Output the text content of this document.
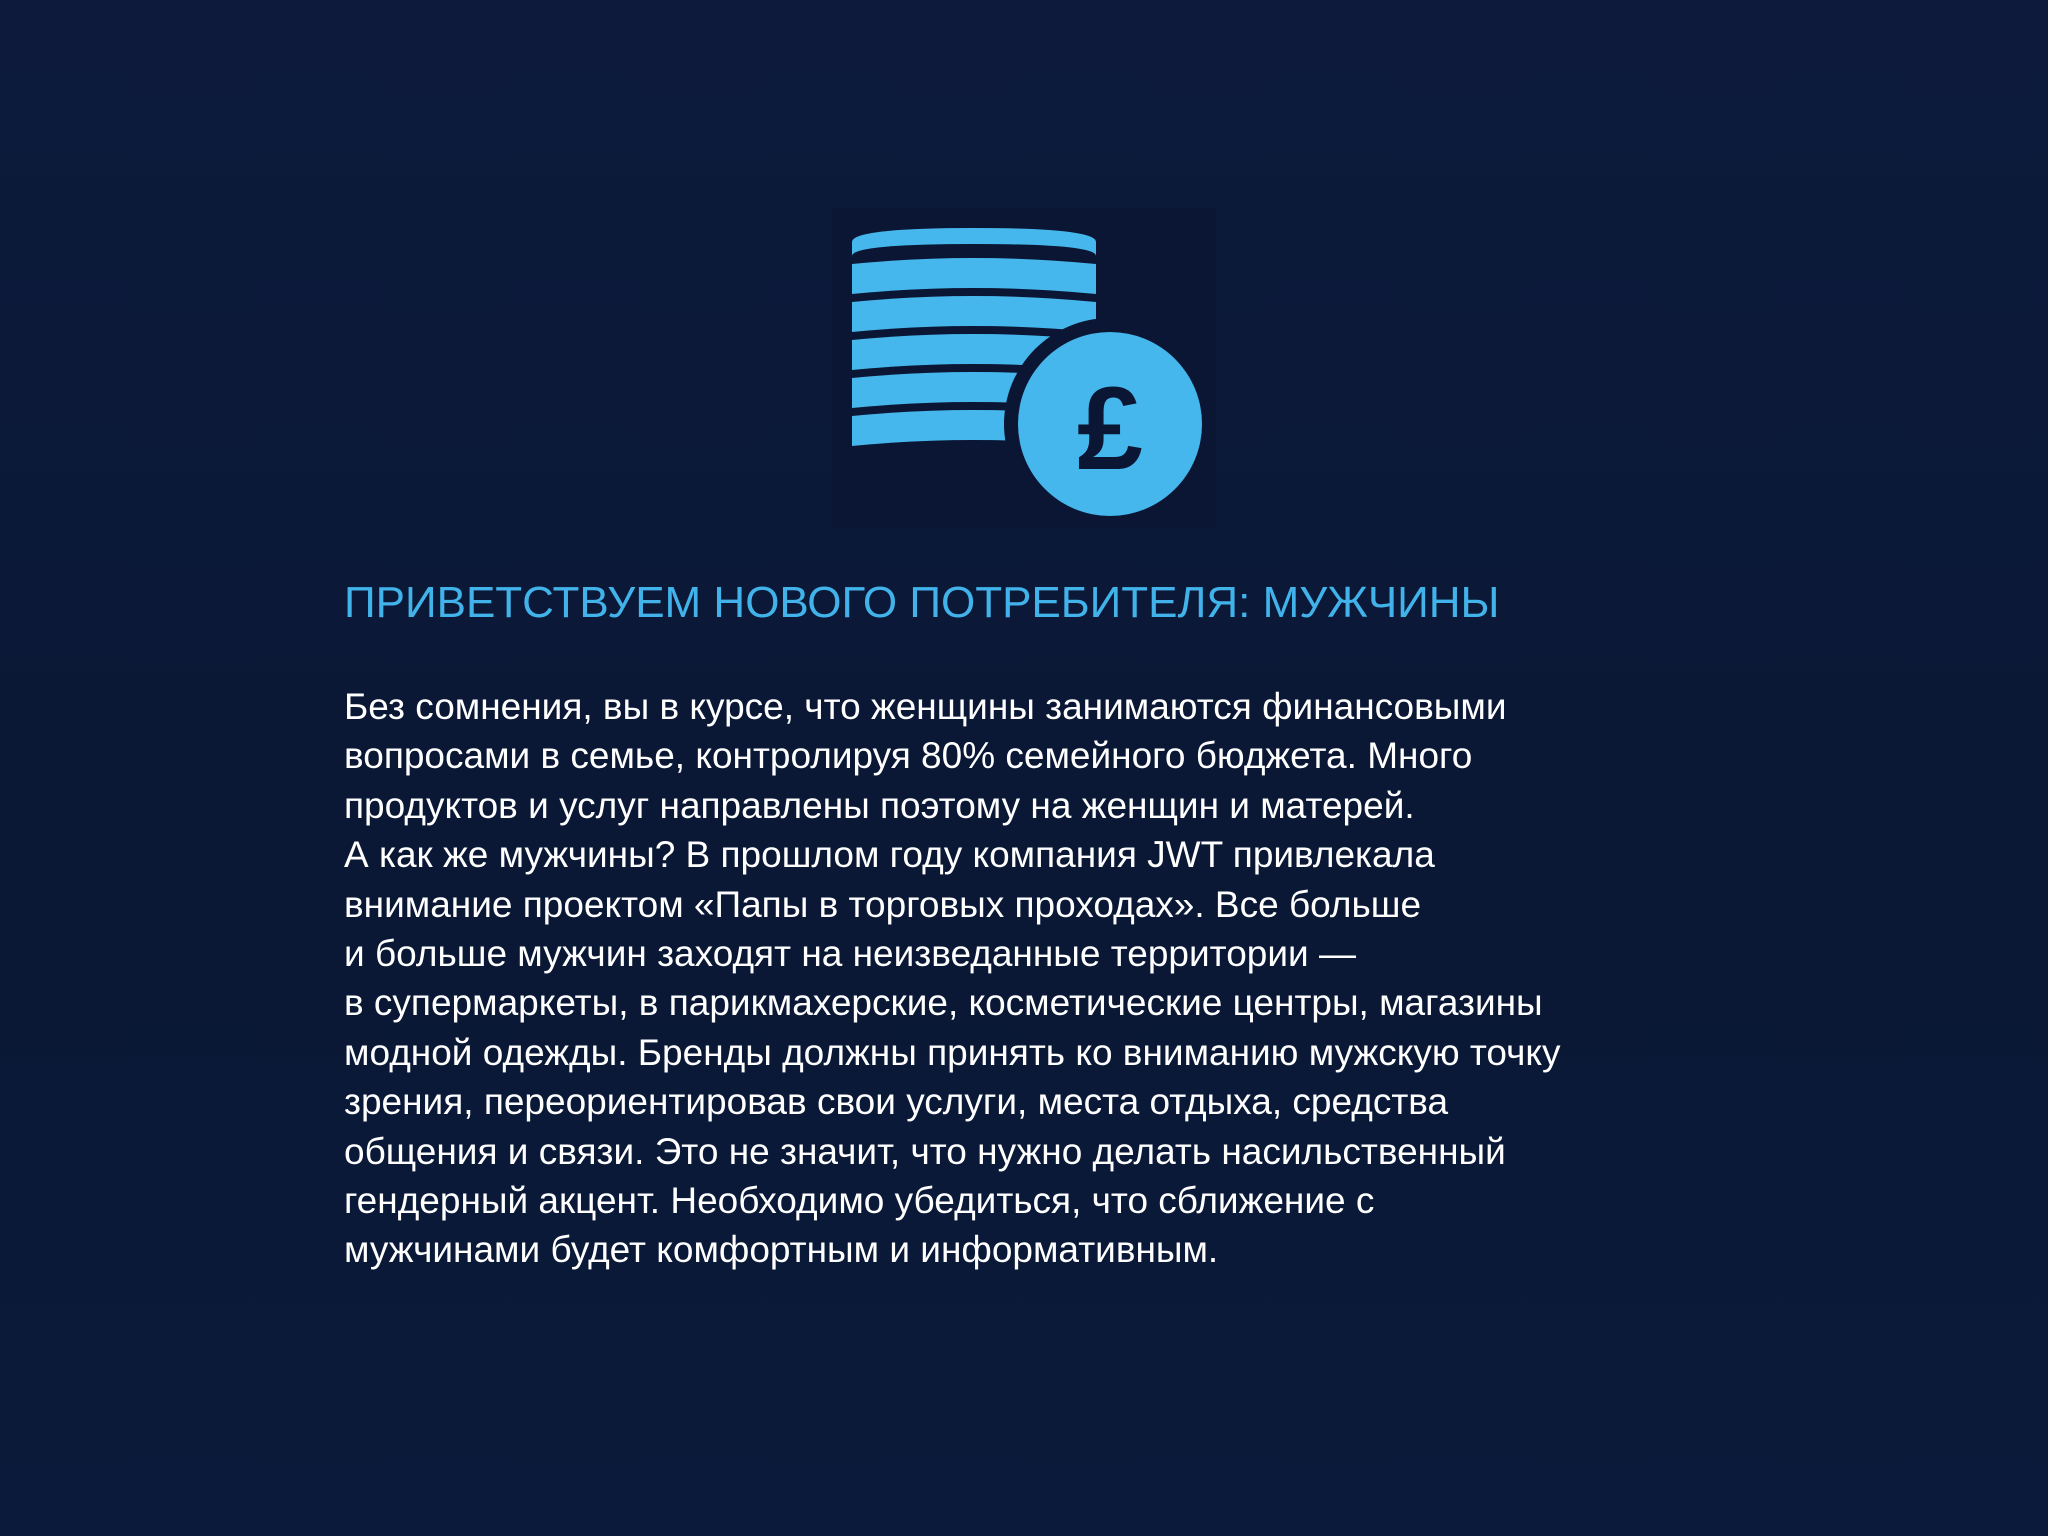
£
ПРИВЕТСТВУЕМ НОВОГО ПОТРЕБИТЕЛЯ: МУЖЧИНЫ
Без сомнения, вы в курсе, что женщины занимаются финансовыми
вопросами в семье, контролируя 80% семейного бюджета. Много
продуктов и услуг направлены поэтому на женщин и матерей.
А как же мужчины? В прошлом году компания JWT привлекала
внимание проектом «Папы в торговых проходах». Все больше
и больше мужчин заходят на неизведанные территории —
в супермаркеты, в парикмахерские, косметические центры, магазины
модной одежды. Бренды должны принять ко вниманию мужскую точку
зрения, переориентировав свои услуги, места отдыха, средства
общения и связи. Это не значит, что нужно делать насильственный
гендерный акцент. Необходимо убедиться, что сближение с
мужчинами будет комфортным и информативным.
